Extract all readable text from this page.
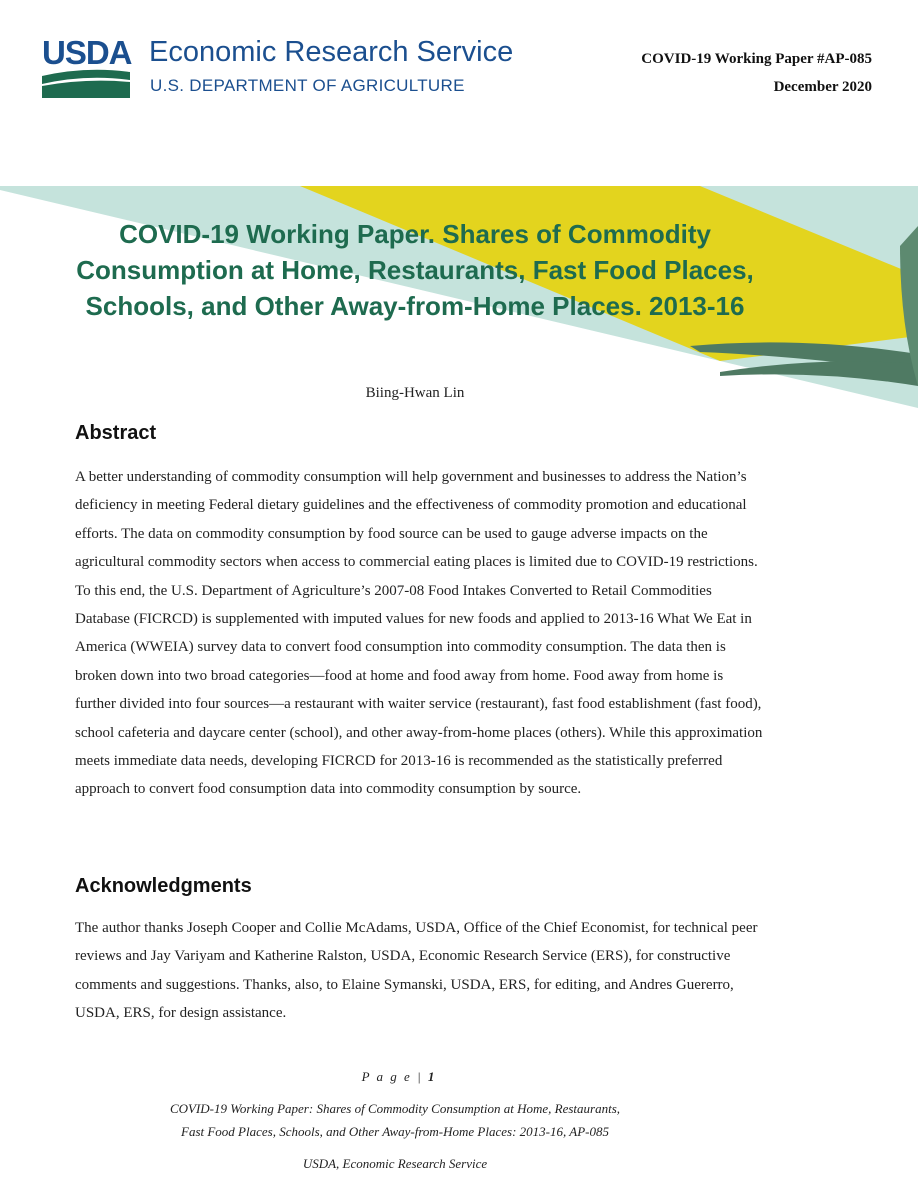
USDA Economic Research Service
U.S. DEPARTMENT OF AGRICULTURE
COVID-19 Working Paper #AP-085
December 2020
COVID-19 Working Paper. Shares of Commodity Consumption at Home, Restaurants, Fast Food Places, Schools, and Other Away-from-Home Places. 2013-16
Biing-Hwan Lin
Abstract
A better understanding of commodity consumption will help government and businesses to address the Nation’s deficiency in meeting Federal dietary guidelines and the effectiveness of commodity promotion and educational efforts. The data on commodity consumption by food source can be used to gauge adverse impacts on the agricultural commodity sectors when access to commercial eating places is limited due to COVID-19 restrictions. To this end, the U.S. Department of Agriculture’s 2007-08 Food Intakes Converted to Retail Commodities Database (FICRCD) is supplemented with imputed values for new foods and applied to 2013-16 What We Eat in America (WWEIA) survey data to convert food consumption into commodity consumption. The data then is broken down into two broad categories—food at home and food away from home. Food away from home is further divided into four sources—a restaurant with waiter service (restaurant), fast food establishment (fast food), school cafeteria and daycare center (school), and other away-from-home places (others). While this approximation meets immediate data needs, developing FICRCD for 2013-16 is recommended as the statistically preferred approach to convert food consumption data into commodity consumption by source.
Acknowledgments
The author thanks Joseph Cooper and Collie McAdams, USDA, Office of the Chief Economist, for technical peer reviews and Jay Variyam and Katherine Ralston, USDA, Economic Research Service (ERS), for constructive comments and suggestions. Thanks, also, to Elaine Symanski, USDA, ERS, for editing, and Andres Guererro, USDA, ERS, for design assistance.
P a g e | 1
COVID-19 Working Paper: Shares of Commodity Consumption at Home, Restaurants,
Fast Food Places, Schools, and Other Away-from-Home Places: 2013-16, AP-085
USDA, Economic Research Service
